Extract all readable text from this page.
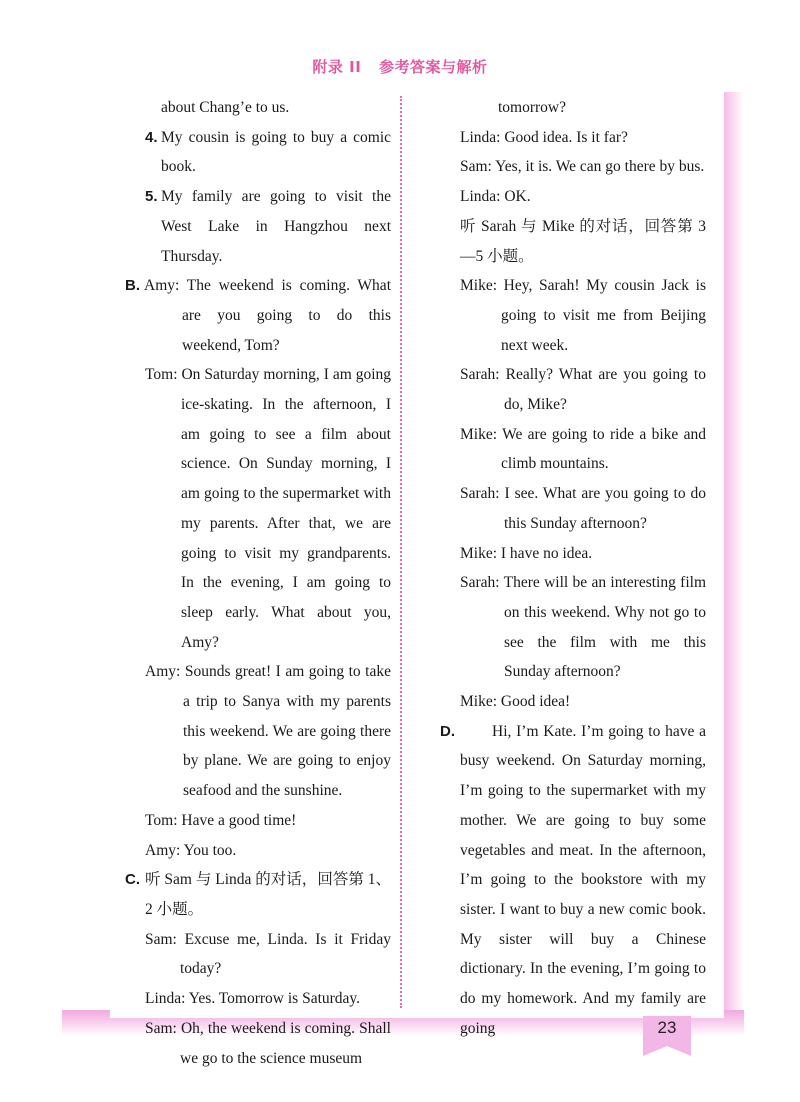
附录 II 参考答案与解析
about Chang’e to us.
4. My cousin is going to buy a comic book.
5. My family are going to visit the West Lake in Hangzhou next Thursday.
B. Amy: The weekend is coming. What are you going to do this weekend, Tom?
Tom: On Saturday morning, I am going ice-skating. In the afternoon, I am going to see a film about science. On Sunday morning, I am going to the supermarket with my parents. After that, we are going to visit my grandparents. In the evening, I am going to sleep early. What about you, Amy?
Amy: Sounds great! I am going to take a trip to Sanya with my parents this weekend. We are going there by plane. We are going to enjoy seafood and the sunshine.
Tom: Have a good time!
Amy: You too.
C. 听 Sam 与 Linda 的对话，回答第 1、2 小题。
Sam: Excuse me, Linda. Is it Friday today?
Linda: Yes. Tomorrow is Saturday.
Sam: Oh, the weekend is coming. Shall we go to the science museum
tomorrow?
Linda: Good idea. Is it far?
Sam: Yes, it is. We can go there by bus.
Linda: OK.
听 Sarah 与 Mike 的对话，回答第 3—5 小题。
Mike: Hey, Sarah! My cousin Jack is going to visit me from Beijing next week.
Sarah: Really? What are you going to do, Mike?
Mike: We are going to ride a bike and climb mountains.
Sarah: I see. What are you going to do this Sunday afternoon?
Mike: I have no idea.
Sarah: There will be an interesting film on this weekend. Why not go to see the film with me this Sunday afternoon?
Mike: Good idea!
D.	Hi, I’m Kate. I’m going to have a busy weekend. On Saturday morning, I’m going to the supermarket with my mother. We are going to buy some vegetables and meat. In the afternoon, I’m going to the bookstore with my sister. I want to buy a new comic book. My sister will buy a Chinese dictionary. In the evening, I’m going to do my homework. And my family are going	23
